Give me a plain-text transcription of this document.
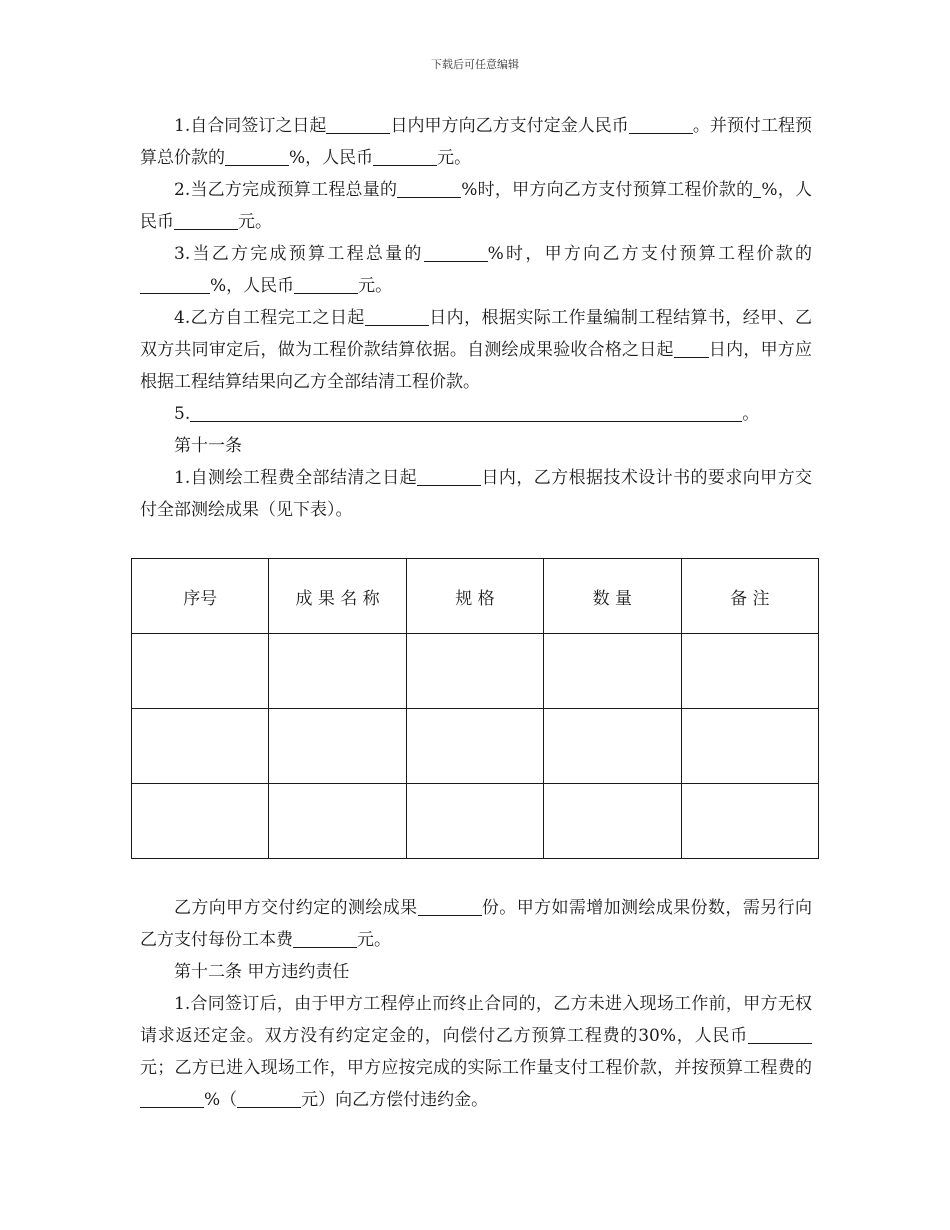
下载后可任意编辑

1.自合同签订之日起	日内甲方向乙方支付定金人民币	。并预付工程预算总价款的	%，人民币	元。

2.当乙方完成预算工程总量的	%时，甲方向乙方支付预算工程价款的 %，人民币	元。

3.当乙方完成预算工程总量的	%时，甲方向乙方支付预算工程价款的%，人民币	元。

4.乙方自工程完工之日起	日内，根据实际工作量编制工程结算书，经甲、乙双方共同审定后，做为工程价款结算依据。自测绘成果验收合格之日起 日内，甲方应根据工程结算结果向乙方全部结清工程价款。

5.	。

第十一条

1.自测绘工程费全部结清之日起	日内，乙方根据技术设计书的要求向甲方交付全部测绘成果（见下表）。

序号	成 果 名 称	规 格	数 量	备 注

乙方向甲方交付约定的测绘成果	份。甲方如需增加测绘成果份数，需另行向乙方支付每份工本费	元。

第十二条 甲方违约责任

1.合同签订后，由于甲方工程停止而终止合同的，乙方未进入现场工作前，甲方无权请求返还定金。双方没有约定定金的，向偿付乙方预算工程费的30%，人民币元；乙方已进入现场工作，甲方应按完成的实际工作量支付工程价款，并按预算工程费的%（	元）向乙方偿付违约金。
